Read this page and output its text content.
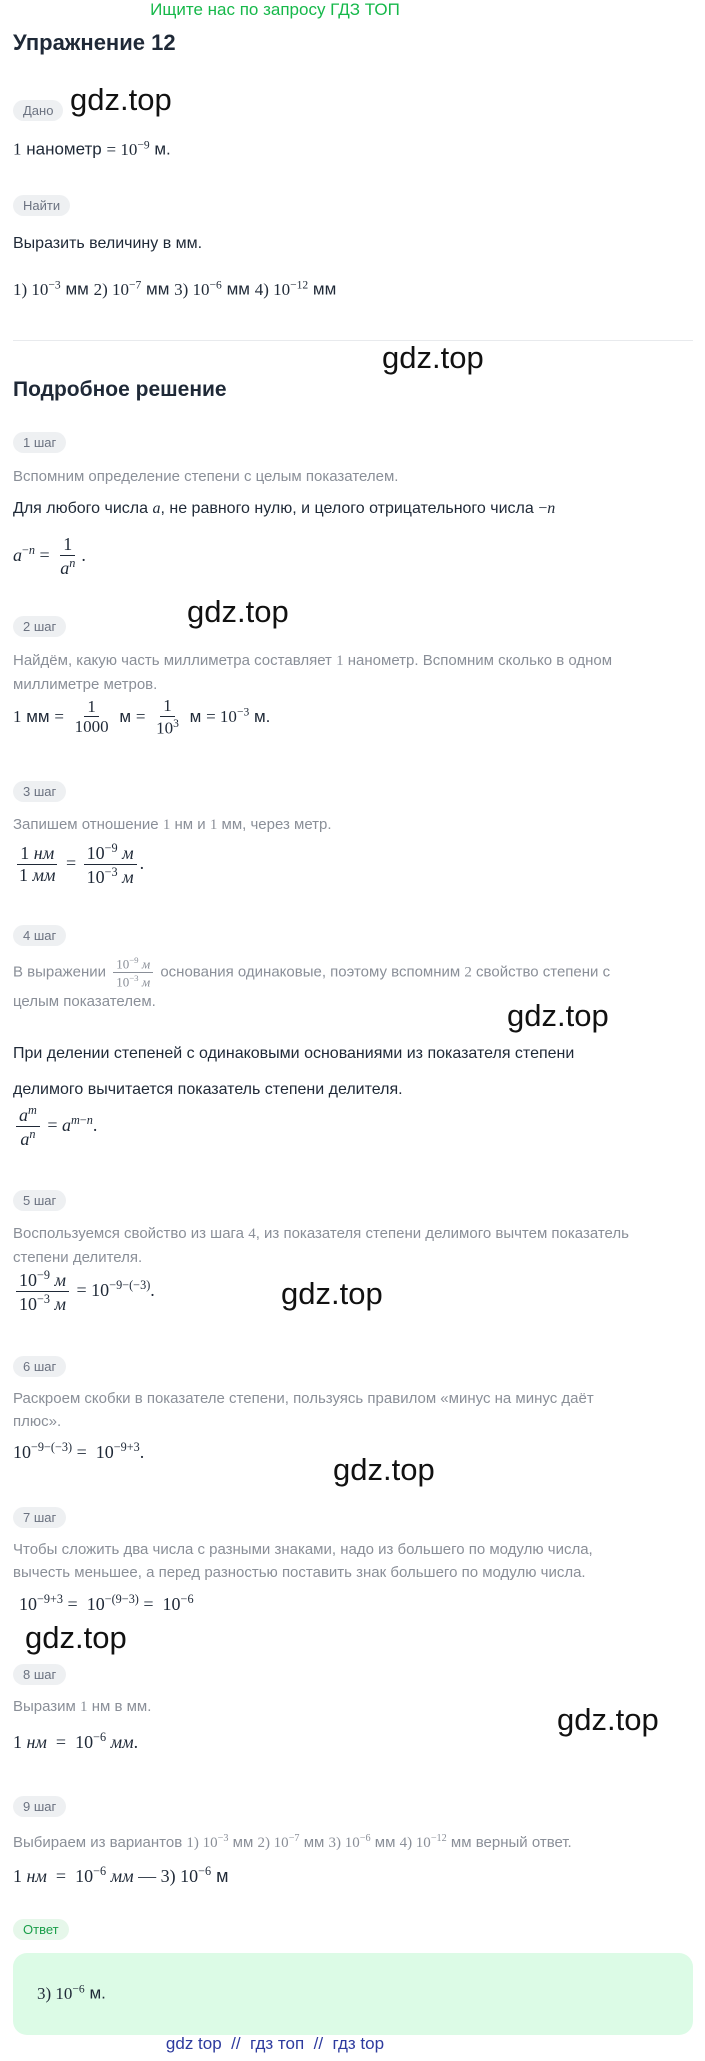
Ищите нас по запросу ГДЗ ТОП
Упражнение 12
Дано gdz.top
1 нанометр = $10^{-9}$ м.
Найти
Выразить величину в мм.
1) $10^{-3}$ мм 2) $10^{-7}$ мм 3) $10^{-6}$ мм 4) $10^{-12}$ мм
gdz.top
Подробное решение
1 шаг
Вспомним определение степени с целым показателем.
Для любого числа a, не равного нулю, и целого отрицательного числа −n
$a^{-n} = \frac{1}{a^n}$ .
2 шаг	gdz.top
Найдём, какую часть миллиметра составляет 1 нанометр. Вспомним сколько в одном
миллиметре метров.
1 мм = $\frac{1}{1000}$ $м = \frac{1}{10^3}$ $м = 10^{-3}$ м.
3 шаг
Запишем отношение 1 нм и 1 мм, через метр.
$\frac{1 нм}{1 мм} = \frac{10^{-9} м}{10^{-3} м}$ .
4 шаг
В выражении $\frac{10^{-9} м}{10^{-3} м}$ основания одинаковые, поэтому вспомним 2 свойство степени с
целым показателем.	gdz.top
При делении степеней с одинаковыми основаниями из показателя степени
делимого вычитается показатель степени делителя.
$\frac{a^m}{a^n} = a^{m-n}$.
5 шаг
Воспользуемся свойство из шага 4, из показателя степени делимого вычтем показатель
степени делителя.
$\frac{10^{-9} м}{10^{-3} м} = 10^{-9-(-3)}$.	gdz.top
6 шаг
Раскроем скобки в показателе степени, пользуясь правилом «минус на минус даёт
плюс».
$10^{-9-(-3)} = 10^{-9+3}$.	gdz.top
7 шаг
Чтобы сложить два числа с разными знаками, надо из большего по модулю числа,
вычесть меньшее, а перед разностью поставить знак большего по модулю числа.
$10^{-9+3} = 10^{-(9-3)} = 10^{-6}$
gdz.top
8 шаг
Выразим 1 нм в мм.	gdz.top
1 нм  =  $10^{-6}$ мм.
9 шаг
Выбираем из вариантов 1) $10^{-3}$ мм 2) $10^{-7}$ мм 3) $10^{-6}$ мм 4) $10^{-12}$ мм верный ответ.
1 нм  =  $10^{-6}$ мм — 3) $10^{-6}$ м
Ответ
3) $10^{-6}$ м.
gdz top // гдз топ // гдз top
